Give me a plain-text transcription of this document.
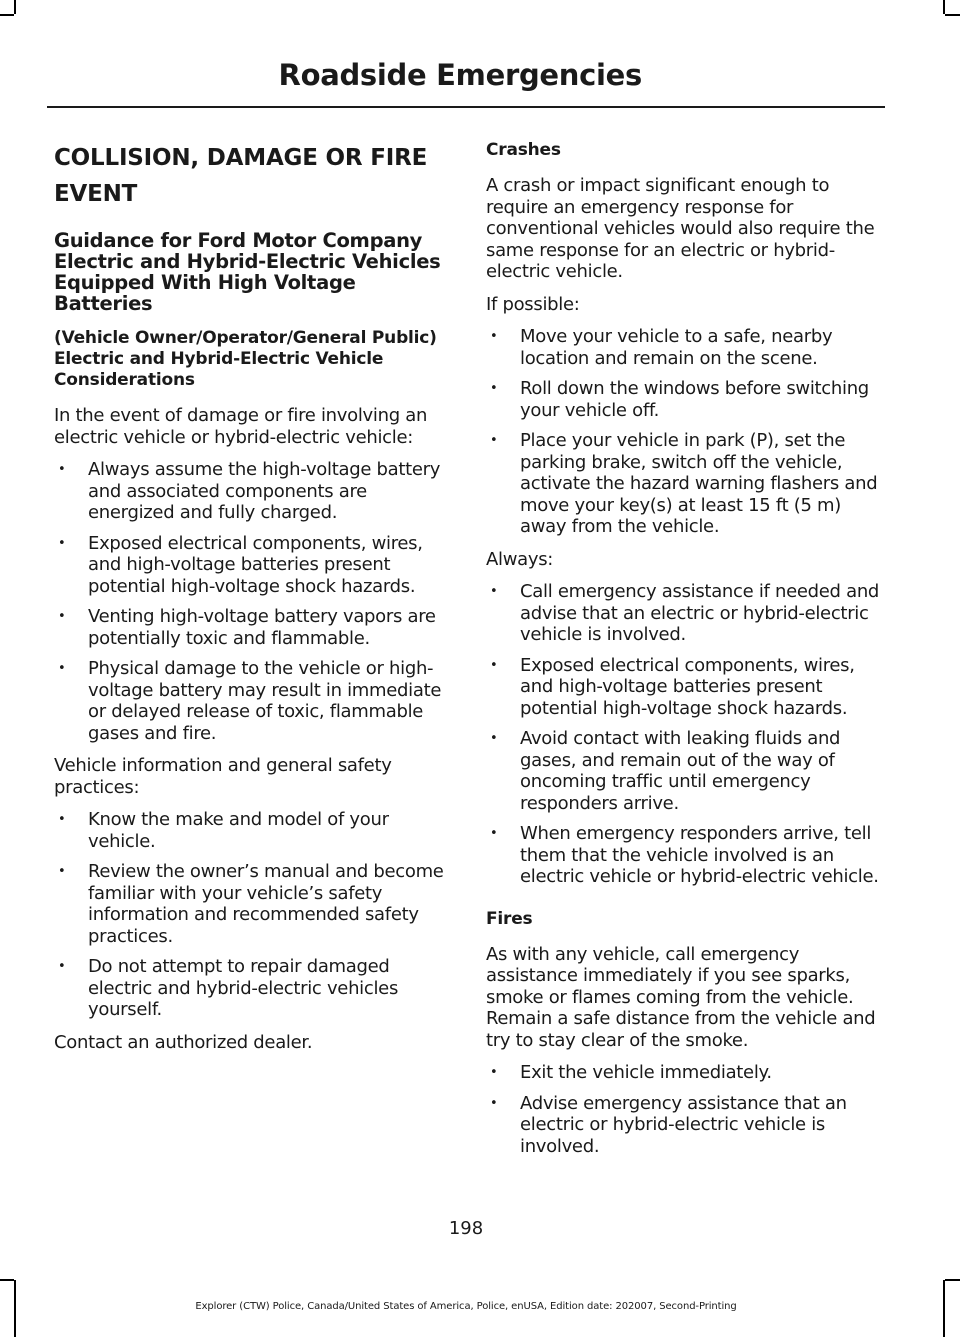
Roadside Emergencies
COLLISION, DAMAGE OR FIRE
EVENT
Guidance for Ford Motor Company Electric and Hybrid-Electric Vehicles Equipped With High Voltage Batteries
(Vehicle Owner/Operator/General Public)
Electric and Hybrid-Electric Vehicle Considerations

In the event of damage or fire involving an electric vehicle or hybrid-electric vehicle:

• Always assume the high-voltage battery and associated components are energized and fully charged.
• Exposed electrical components, wires, and high-voltage batteries present potential high-voltage shock hazards.
• Venting high-voltage battery vapors are potentially toxic and flammable.
• Physical damage to the vehicle or high-voltage battery may result in immediate or delayed release of toxic, flammable gases and fire.

Vehicle information and general safety practices:

• Know the make and model of your vehicle.
• Review the owner’s manual and become familiar with your vehicle’s safety information and recommended safety practices.
• Do not attempt to repair damaged electric and hybrid-electric vehicles yourself.

Contact an authorized dealer.

Crashes

A crash or impact significant enough to require an emergency response for conventional vehicles would also require the same response for an electric or hybrid-electric vehicle.

If possible:

• Move your vehicle to a safe, nearby location and remain on the scene.
• Roll down the windows before switching your vehicle off.
• Place your vehicle in park (P), set the parking brake, switch off the vehicle, activate the hazard warning flashers and move your key(s) at least 15 ft (5 m) away from the vehicle.

Always:

• Call emergency assistance if needed and advise that an electric or hybrid-electric vehicle is involved.
• Exposed electrical components, wires, and high-voltage batteries present potential high-voltage shock hazards.
• Avoid contact with leaking fluids and gases, and remain out of the way of oncoming traffic until emergency responders arrive.
• When emergency responders arrive, tell them that the vehicle involved is an electric vehicle or hybrid-electric vehicle.
Fires

As with any vehicle, call emergency assistance immediately if you see sparks, smoke or flames coming from the vehicle. Remain a safe distance from the vehicle and try to stay clear of the smoke.

• Exit the vehicle immediately.
• Advise emergency assistance that an electric or hybrid-electric vehicle is involved.
198
Explorer (CTW) Police, Canada/United States of America, Police, enUSA, Edition date: 202007, Second-Printing
